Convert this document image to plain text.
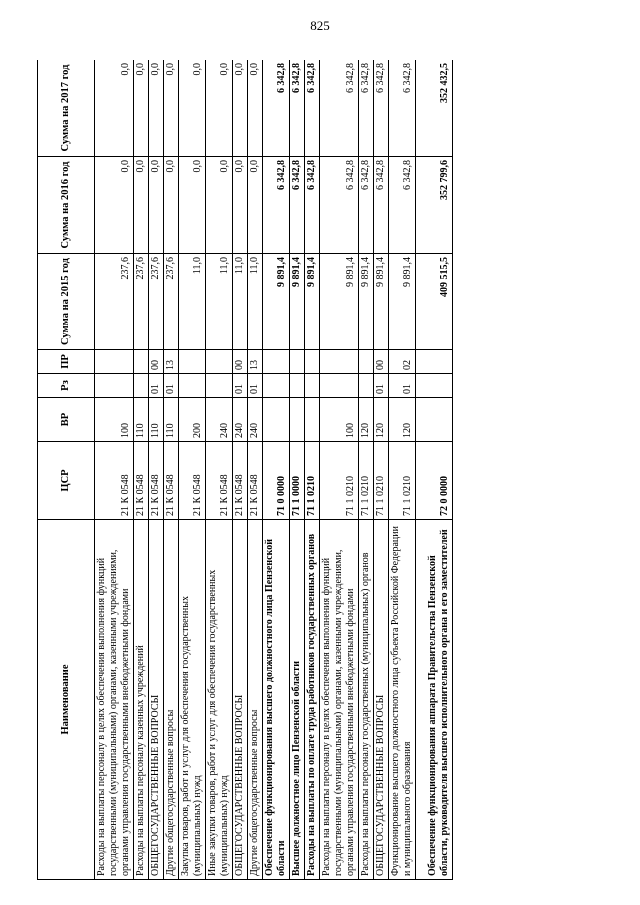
825
Наименование	ЦСР	ВР	Рз	ПР	Сумма на 2015 год	Сумма на 2016 год	Сумма на 2017 год
Расходы на выплаты персоналу в целях обеспечения выполнения функций государственными (муниципальными) органами, казенными учреждениями, органами управления государственными внебюджетными фондами	21 К 0548	100			237,6	0,0	0,0
Расходы на выплаты персоналу казенных учреждений	21 К 0548	110			237,6	0,0	0,0
ОБЩЕГОСУДАРСТВЕННЫЕ ВОПРОСЫ	21 К 0548	110	01	00	237,6	0,0	0,0
Другие общегосударственные вопросы	21 К 0548	110	01	13	237,6	0,0	0,0
Закупка товаров, работ и услуг для обеспечения государственных (муниципальных) нужд	21 К 0548	200			11,0	0,0	0,0
Иные закупки товаров, работ и услуг для обеспечения государственных (муниципальных) нужд	21 К 0548	240			11,0	0,0	0,0
ОБЩЕГОСУДАРСТВЕННЫЕ ВОПРОСЫ	21 К 0548	240	01	00	11,0	0,0	0,0
Другие общегосударственные вопросы	21 К 0548	240	01	13	11,0	0,0	0,0
Обеспечение функционирования высшего должностного лица Пензенской области	71 0 0000				9 891,4	6 342,8	6 342,8
Высшее должностное лицо Пензенской области	71 1 0000				9 891,4	6 342,8	6 342,8
Расходы на выплаты по оплате труда работников государственных органов	71 1 0210				9 891,4	6 342,8	6 342,8
Расходы на выплаты персоналу в целях обеспечения выполнения функций государственными (муниципальными) органами, казенными учреждениями, органами управления государственными внебюджетными фондами	71 1 0210	100			9 891,4	6 342,8	6 342,8
Расходы на выплаты персоналу государственных (муниципальных) органов	71 1 0210	120			9 891,4	6 342,8	6 342,8
ОБЩЕГОСУДАРСТВЕННЫЕ ВОПРОСЫ	71 1 0210	120	01	00	9 891,4	6 342,8	6 342,8
Функционирование высшего должностного лица субъекта Российской Федерации и муниципального образования	71 1 0210	120	01	02	9 891,4	6 342,8	6 342,8
Обеспечение функционирования аппарата Правительства Пензенской области, руководителя высшего исполнительного органа и его заместителей	72 0 0000				409 515,5	352 799,6	352 432,5
